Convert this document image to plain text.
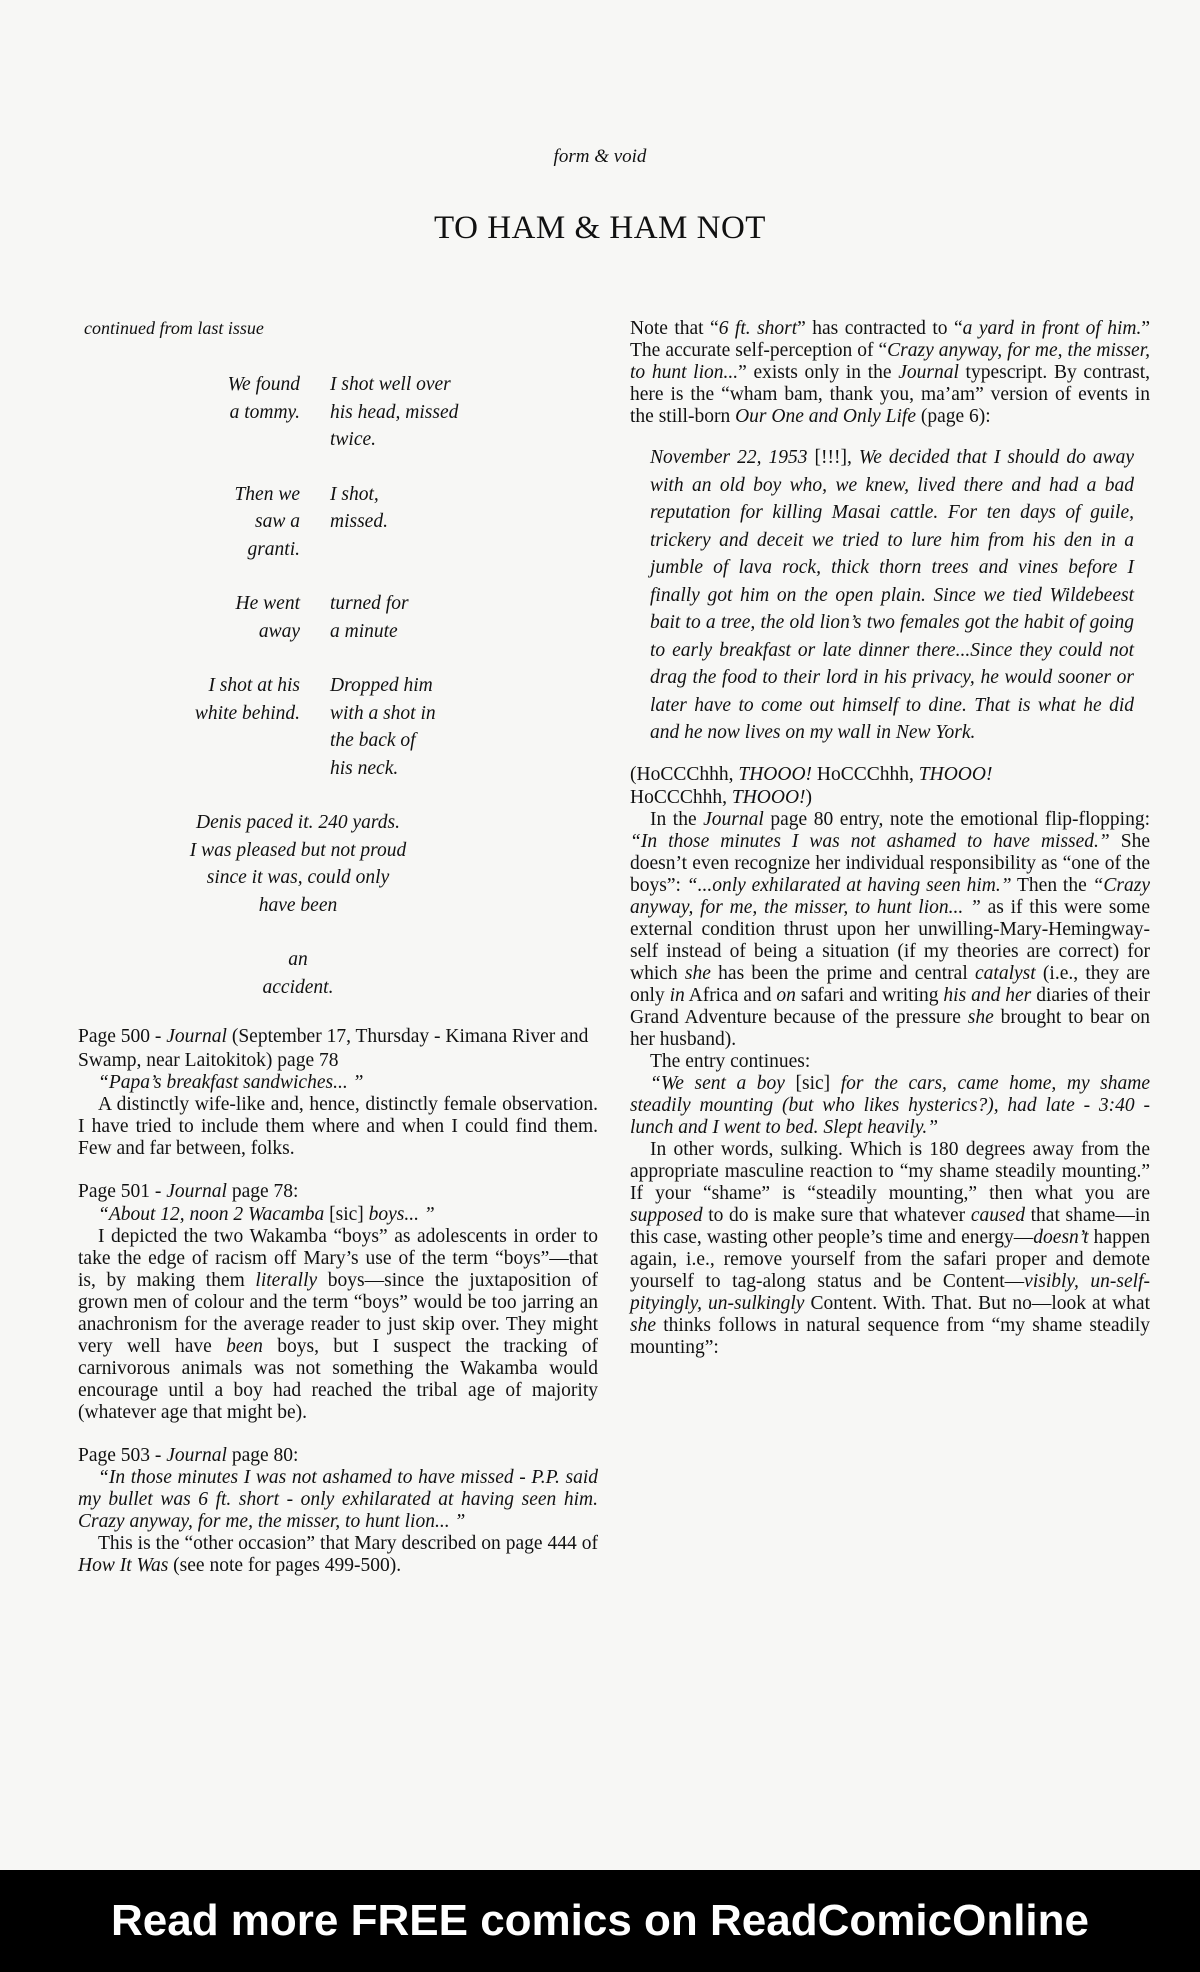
form & void
TO HAM & HAM NOT
continued from last issue
We found
a tommy.
I shot well over
his head, missed
twice.
Then we
saw a
granti.
I shot,
missed.
He went
away
turned for
a minute
I shot at his
white behind.
Dropped him
with a shot in
the back of
his neck.
Denis paced it. 240 yards.
I was pleased but not proud
since it was, could only
have been
an
accident.
Page 500 - Journal (September 17, Thursday - Kimana River and Swamp, near Laitokitok) page 78

“Papa’s breakfast sandwiches... ”

A distinctly wife-like and, hence, distinctly female observation. I have tried to include them where and when I could find them. Few and far between, folks.

Page 501 - Journal page 78:

“About 12, noon 2 Wacamba [sic] boys... ”

I depicted the two Wakamba “boys” as adolescents in order to take the edge of racism off Mary’s use of the term “boys”—that is, by making them literally boys—since the juxtaposition of grown men of colour and the term “boys” would be too jarring an anachronism for the average reader to just skip over. They might very well have been boys, but I suspect the tracking of carnivorous animals was not something the Wakamba would encourage until a boy had reached the tribal age of majority (whatever age that might be).

Page 503 - Journal page 80:

“In those minutes I was not ashamed to have missed - P.P. said my bullet was 6 ft. short - only exhilarated at having seen him. Crazy anyway, for me, the misser, to hunt lion... ”

This is the “other occasion” that Mary described on page 444 of How It Was (see note for pages 499-500).

Note that “6 ft. short” has contracted to “a yard in front of him.” The accurate self-perception of “Crazy anyway, for me, the misser, to hunt lion...” exists only in the Journal typescript. By contrast, here is the “wham bam, thank you, ma’am” version of events in the still-born Our One and Only Life (page 6):

November 22, 1953 [!!!], We decided that I should do away with an old boy who, we knew, lived there and had a bad reputation for killing Masai cattle. For ten days of guile, trickery and deceit we tried to lure him from his den in a jumble of lava rock, thick thorn trees and vines before I finally got him on the open plain. Since we tied Wildebeest bait to a tree, the old lion’s two females got the habit of going to early breakfast or late dinner there...Since they could not drag the food to their lord in his privacy, he would sooner or later have to come out himself to dine. That is what he did and he now lives on my wall in New York.
(HoCCChhh, THOOO! HoCCChhh, THOOO!
HoCCChhh, THOOO!)

In the Journal page 80 entry, note the emotional flip-flopping: “In those minutes I was not ashamed to have missed.” She doesn’t even recognize her individual responsibility as “one of the boys”: “...only exhilarated at having seen him.” Then the “Crazy anyway, for me, the misser, to hunt lion... ” as if this were some external condition thrust upon her unwilling-Mary-Hemingway-self instead of being a situation (if my theories are correct) for which she has been the prime and central catalyst (i.e., they are only in Africa and on safari and writing his and her diaries of their Grand Adventure because of the pressure she brought to bear on her husband).

The entry continues:

“We sent a boy [sic] for the cars, came home, my shame steadily mounting (but who likes hysterics?), had late - 3:40 - lunch and I went to bed. Slept heavily.”

In other words, sulking. Which is 180 degrees away from the appropriate masculine reaction to “my shame steadily mounting.” If your “shame” is “steadily mounting,” then what you are supposed to do is make sure that whatever caused that shame—in this case, wasting other people’s time and energy—doesn’t happen again, i.e., remove yourself from the safari proper and demote yourself to tag-along status and be Content—visibly, un-self-pityingly, un-sulkingly Content. With. That. But no—look at what she thinks follows in natural sequence from “my shame steadily mounting”:

Read more FREE comics on ReadComicOnline
